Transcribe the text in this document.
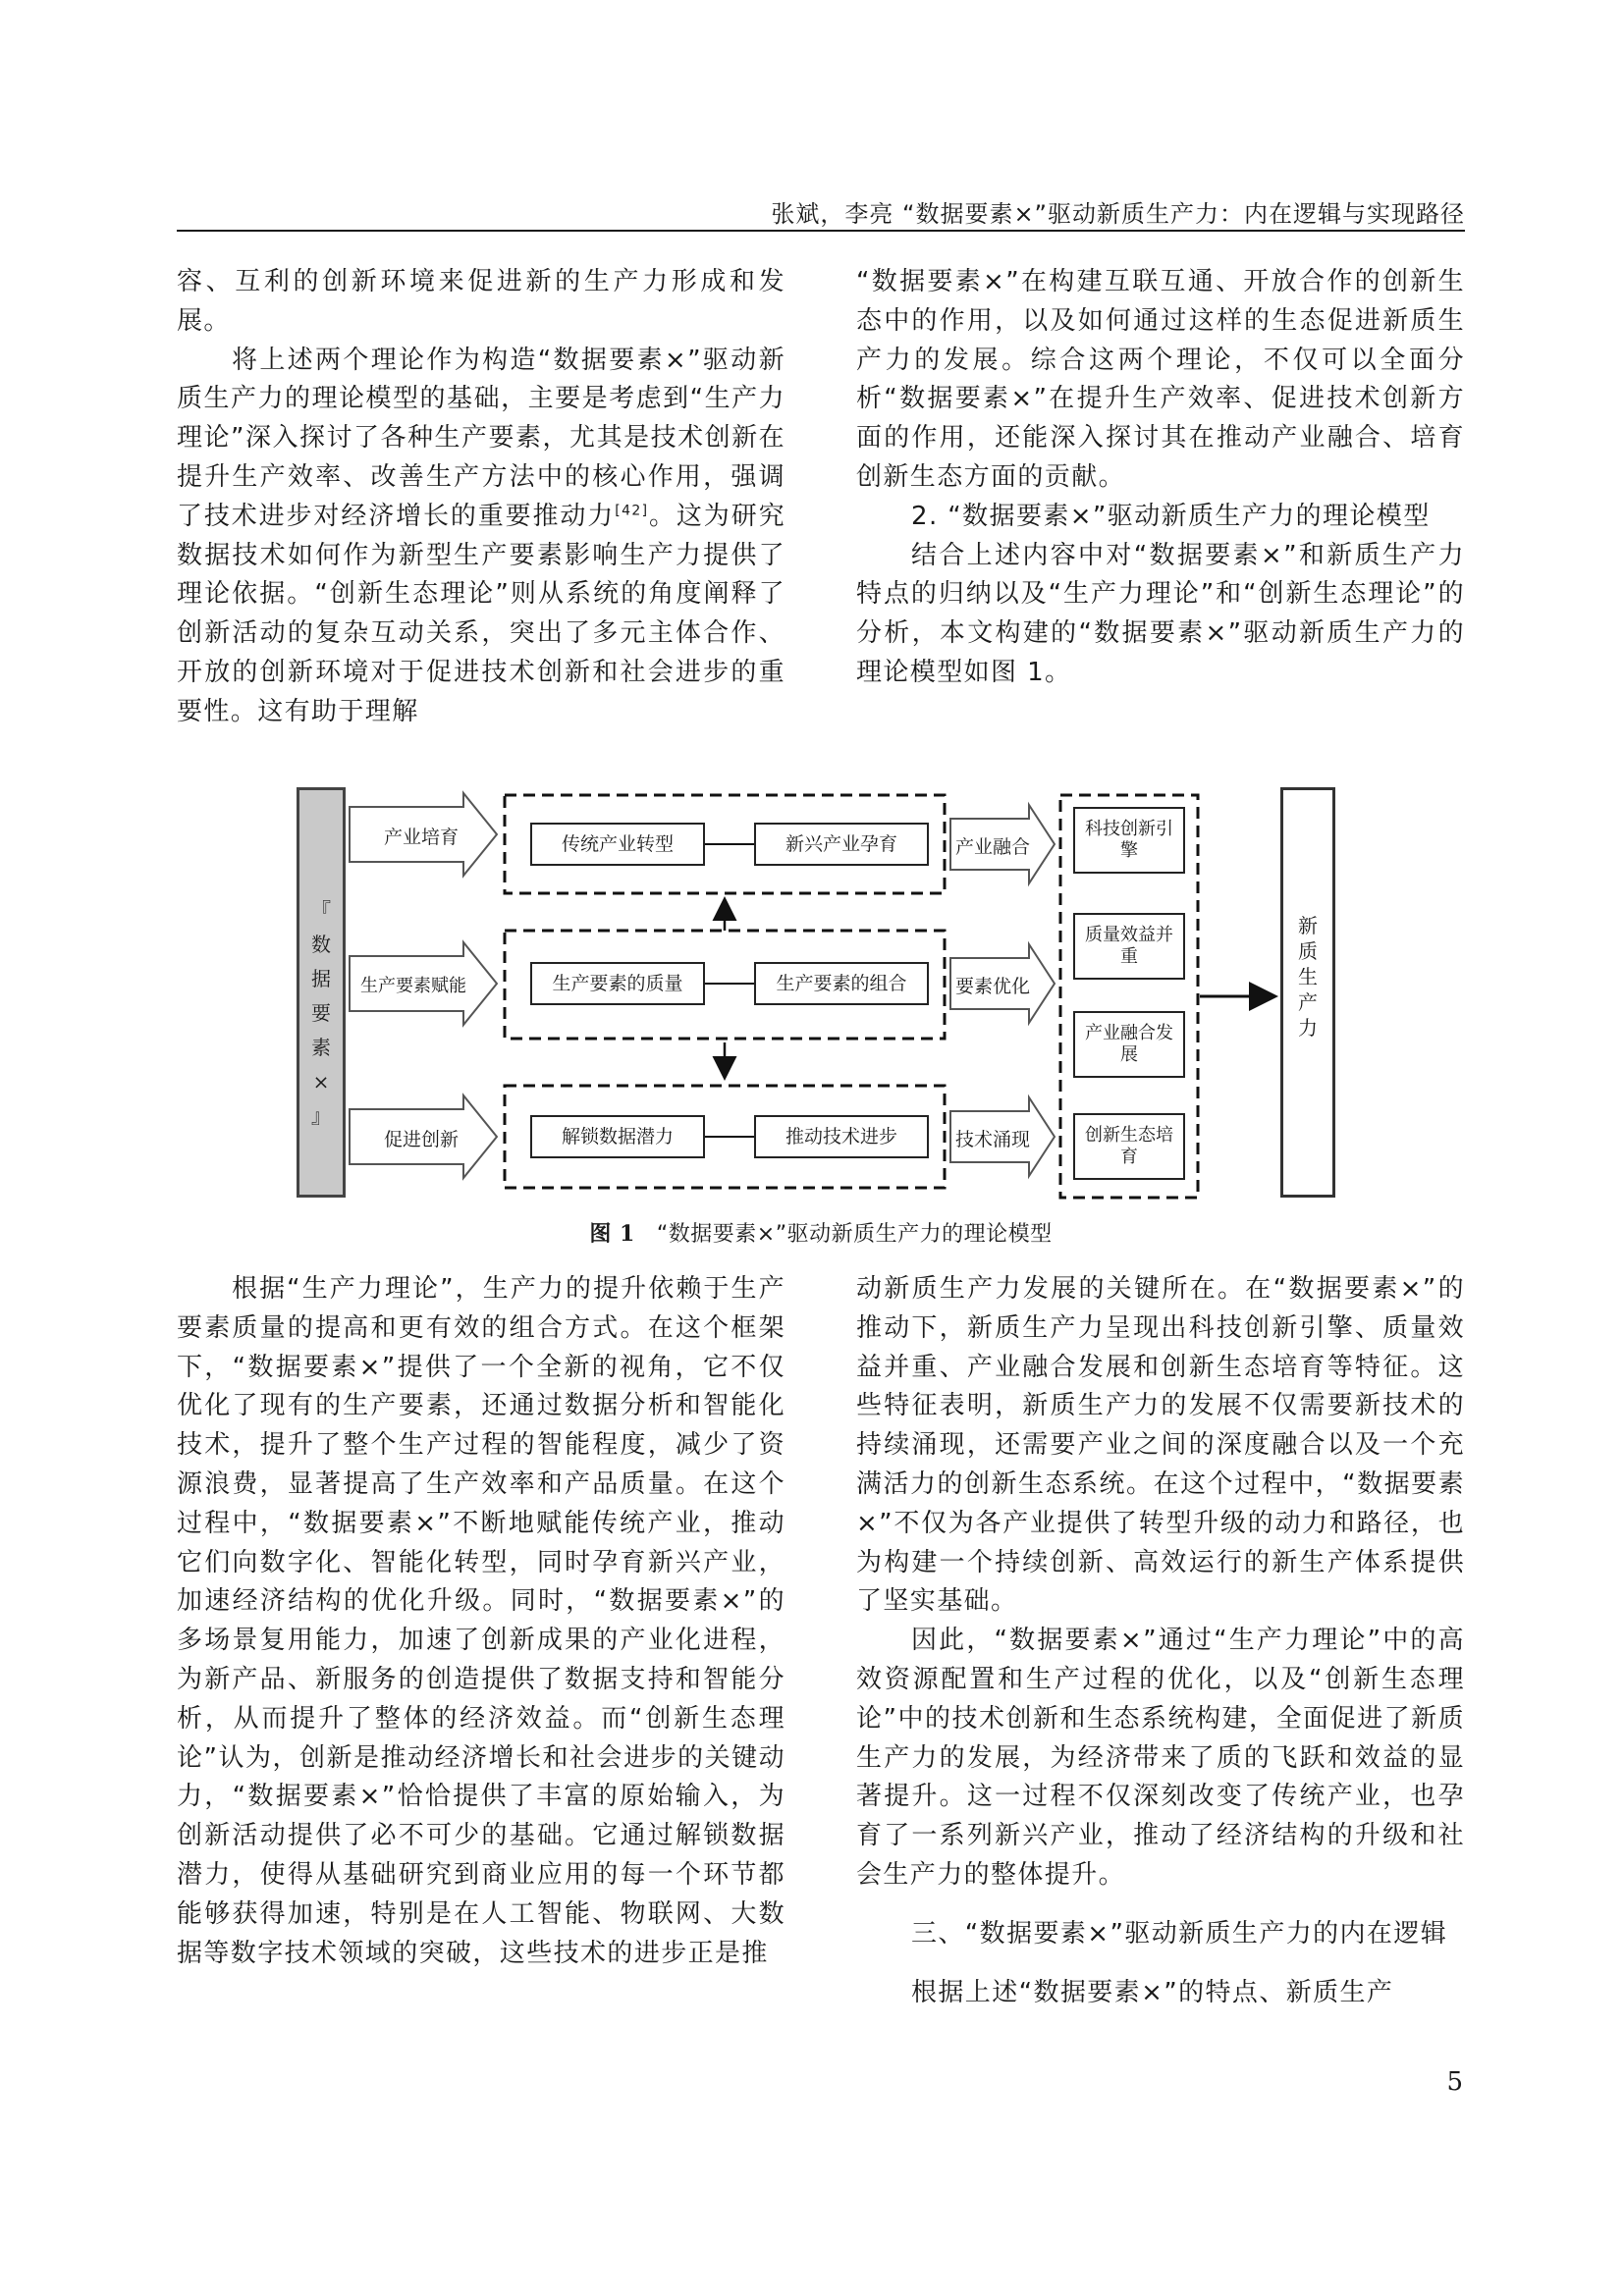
张斌，李亮 “数据要素×”驱动新质生产力：内在逻辑与实现路径

容、互利的创新环境来促进新的生产力形成和发展。

将上述两个理论作为构造“数据要素×”驱动新质生产力的理论模型的基础，主要是考虑到“生产力理论”深入探讨了各种生产要素，尤其是技术创新在提升生产效率、改善生产方法中的核心作用，强调了技术进步对经济增长的重要推动力[42]。这为研究数据技术如何作为新型生产要素影响生产力提供了理论依据。“创新生态理论”则从系统的角度阐释了创新活动的复杂互动关系，突出了多元主体合作、开放的创新环境对于促进技术创新和社会进步的重要性。这有助于理解

“数据要素×”在构建互联互通、开放合作的创新生态中的作用，以及如何通过这样的生态促进新质生产力的发展。综合这两个理论，不仅可以全面分析“数据要素×”在提升生产效率、促进技术创新方面的作用，还能深入探讨其在推动产业融合、培育创新生态方面的贡献。

2. “数据要素×”驱动新质生产力的理论模型

结合上述内容中对“数据要素×”和新质生产力特点的归纳以及“生产力理论”和“创新生态理论”的分析，本文构建的“数据要素×”驱动新质生产力的理论模型如图 1。

『
数
据
要
素
×
』
产业培育
生产要素赋能
促进创新
传统产业转型	新兴产业孕育
生产要素的质量	生产要素的组合
解锁数据潜力	推动技术进步
产业融合
要素优化
技术涌现
科技创新引擎
质量效益并重
产业融合发展
创新生态培育
新
质
生
产
力
图 1 “数据要素×”驱动新质生产力的理论模型

根据“生产力理论”，生产力的提升依赖于生产要素质量的提高和更有效的组合方式。在这个框架下，“数据要素×”提供了一个全新的视角，它不仅优化了现有的生产要素，还通过数据分析和智能化技术，提升了整个生产过程的智能程度，减少了资源浪费，显著提高了生产效率和产品质量。在这个过程中，“数据要素×”不断地赋能传统产业，推动它们向数字化、智能化转型，同时孕育新兴产业，加速经济结构的优化升级。同时，“数据要素×”的多场景复用能力，加速了创新成果的产业化进程，为新产品、新服务的创造提供了数据支持和智能分析，从而提升了整体的经济效益。而“创新生态理论”认为，创新是推动经济增长和社会进步的关键动力，“数据要素×”恰恰提供了丰富的原始输入，为创新活动提供了必不可少的基础。它通过解锁数据潜力，使得从基础研究到商业应用的每一个环节都能够获得加速，特别是在人工智能、物联网、大数据等数字技术领域的突破，这些技术的进步正是推

动新质生产力发展的关键所在。在“数据要素×”的推动下，新质生产力呈现出科技创新引擎、质量效益并重、产业融合发展和创新生态培育等特征。这些特征表明，新质生产力的发展不仅需要新技术的持续涌现，还需要产业之间的深度融合以及一个充满活力的创新生态系统。在这个过程中，“数据要素×”不仅为各产业提供了转型升级的动力和路径，也为构建一个持续创新、高效运行的新生产体系提供了坚实基础。

因此，“数据要素×”通过“生产力理论”中的高效资源配置和生产过程的优化，以及“创新生态理论”中的技术创新和生态系统构建，全面促进了新质生产力的发展，为经济带来了质的飞跃和效益的显著提升。这一过程不仅深刻改变了传统产业，也孕育了一系列新兴产业，推动了经济结构的升级和社会生产力的整体提升。

三、“数据要素×”驱动新质生产力的内在逻辑

根据上述“数据要素×”的特点、新质生产

5
